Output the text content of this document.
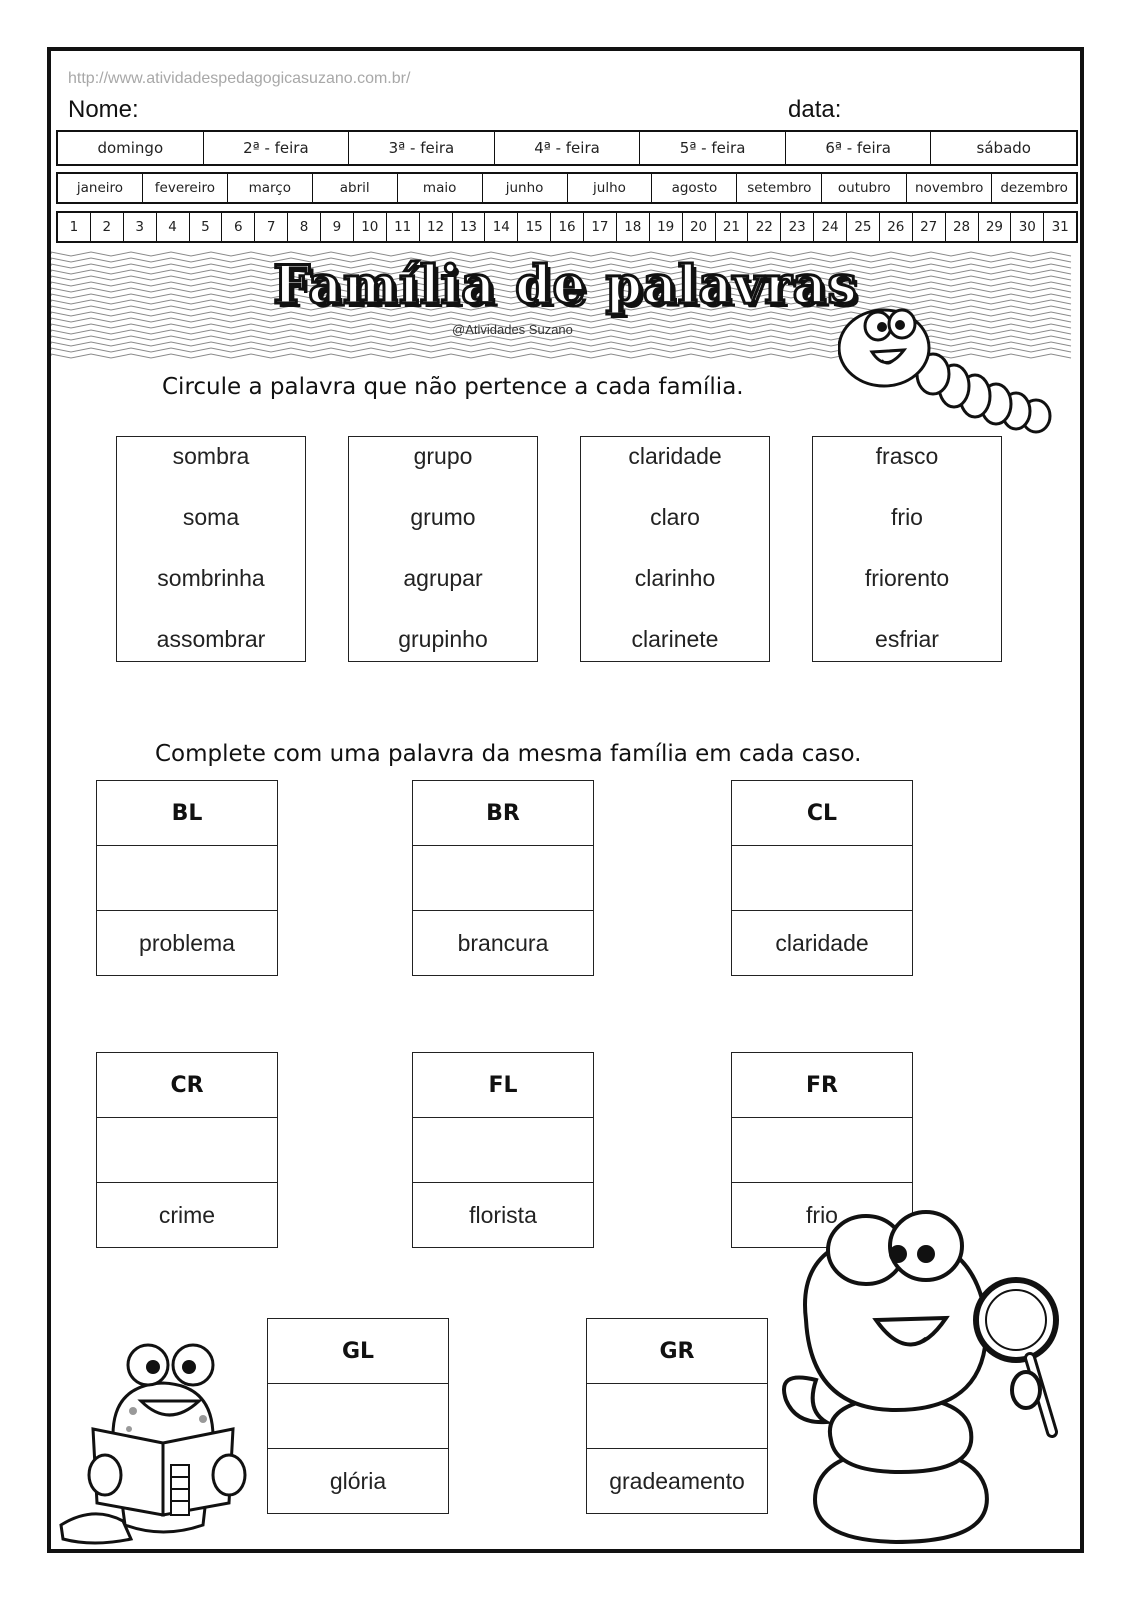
http://www.atividadespedagogicasuzano.com.br/
Nome:	data:
domingo	2ª - feira	3ª - feira	4ª - feira	5ª - feira	6ª - feira	sábado
janeiro	fevereiro	março	abril	maio	junho	julho	agosto	setembro	outubro	novembro	dezembro
1	2	3	4	5	6	7	8	9	10	11	12	13	14	15	16	17	18	19	20	21	22	23	24	25	26	27	28	29	30	31
Família de palavras
@Atividades Suzano
Circule a palavra que não pertence a cada família.
sombra
soma
sombrinha
assombrar
grupo
grumo
agrupar
grupinho
claridade
claro
clarinho
clarinete
frasco
frio
friorento
esfriar
Complete com uma palavra da mesma família em cada caso.
BL
problema
BR
brancura
CL
claridade
CR
crime
FL
florista
FR
frio
GL
glória
GR
gradeamento
